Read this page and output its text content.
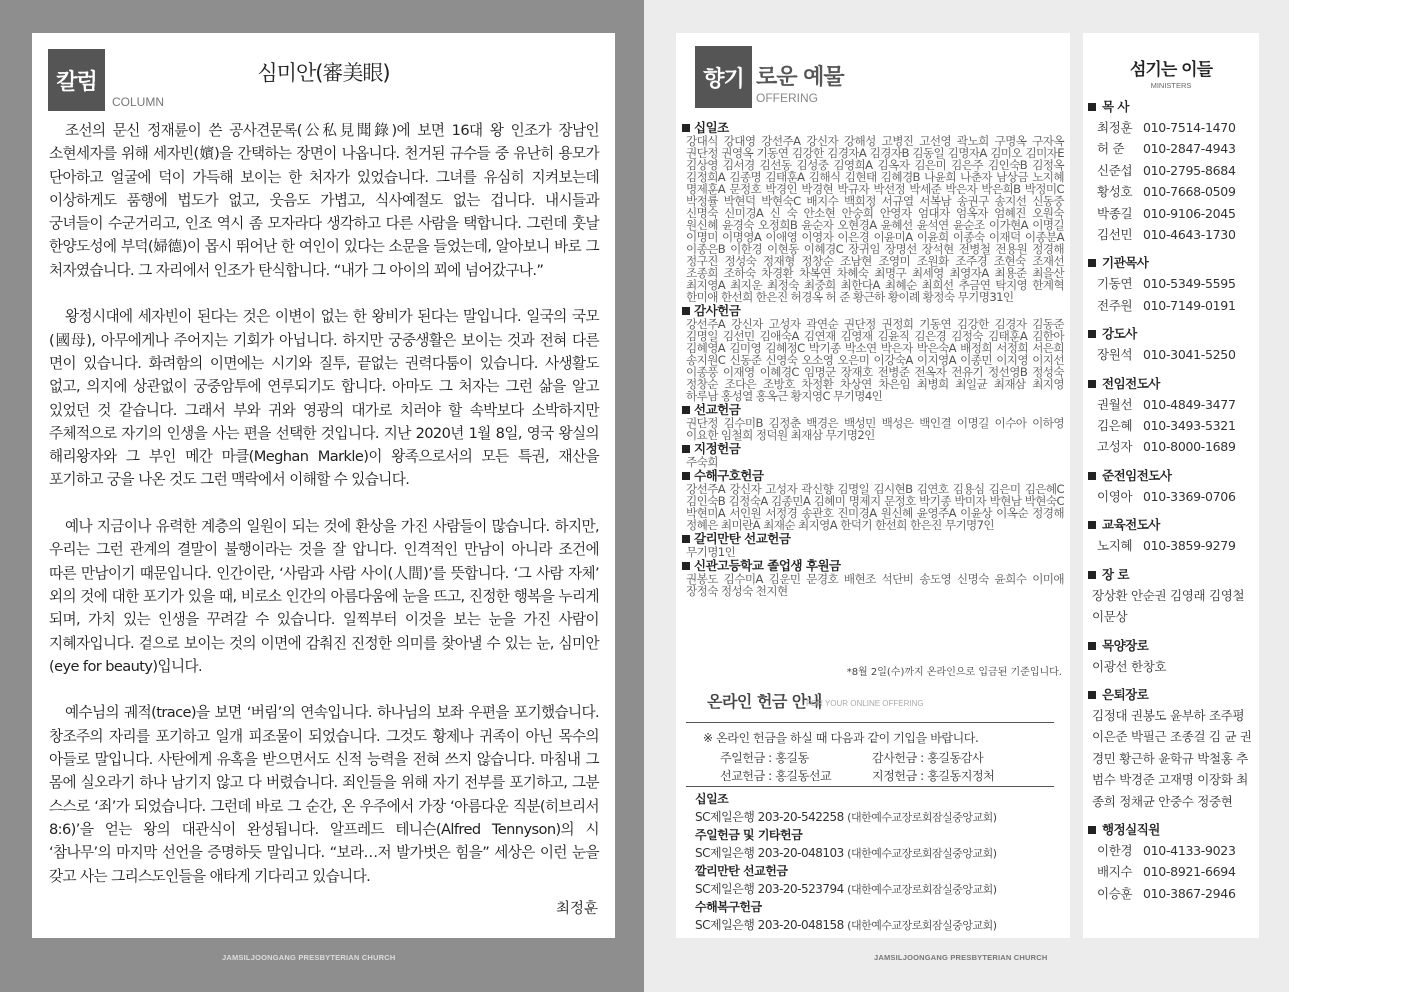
칼럼
COLUMN
심미안(審美眼)

조선의 문신 정재륜이 쓴 공사견문록(公私見聞錄)에 보면 16대 왕 인조가 장남인 소현세자를 위해 세자빈(嬪)을 간택하는 장면이 나옵니다. 천거된 규수들 중 유난히 용모가 단아하고 얼굴에 덕이 가득해 보이는 한 처자가 있었습니다. 그녀를 유심히 지켜보는데 이상하게도 품행에 법도가 없고, 웃음도 가볍고, 식사예절도 없는 겁니다. 내시들과 궁녀들이 수군거리고, 인조 역시 좀 모자라다 생각하고 다른 사람을 택합니다. 그런데 훗날 한양도성에 부덕(婦德)이 몹시 뛰어난 한 여인이 있다는 소문을 들었는데, 알아보니 바로 그 처자였습니다. 그 자리에서 인조가 탄식합니다. “내가 그 아이의 꾀에 넘어갔구나.”

왕정시대에 세자빈이 된다는 것은 이변이 없는 한 왕비가 된다는 말입니다. 일국의 국모(國母), 아무에게나 주어지는 기회가 아닙니다. 하지만 궁중생활은 보이는 것과 전혀 다른 면이 있습니다. 화려함의 이면에는 시기와 질투, 끝없는 권력다툼이 있습니다. 사생활도 없고, 의지에 상관없이 궁중암투에 연루되기도 합니다. 아마도 그 처자는 그런 삶을 알고 있었던 것 같습니다. 그래서 부와 귀와 영광의 대가로 치러야 할 속박보다 소박하지만 주체적으로 자기의 인생을 사는 편을 선택한 것입니다. 지난 2020년 1월 8일, 영국 왕실의 해리왕자와 그 부인 메간 마클(Meghan Markle)이 왕족으로서의 모든 특권, 재산을 포기하고 궁을 나온 것도 그런 맥락에서 이해할 수 있습니다.

예나 지금이나 유력한 계층의 일원이 되는 것에 환상을 가진 사람들이 많습니다. 하지만, 우리는 그런 관계의 결말이 불행이라는 것을 잘 압니다. 인격적인 만남이 아니라 조건에 따른 만남이기 때문입니다. 인간이란, ‘사람과 사람 사이(人間)’를 뜻합니다. ‘그 사람 자체’ 외의 것에 대한 포기가 있을 때, 비로소 인간의 아름다움에 눈을 뜨고, 진정한 행복을 누리게 되며, 가치 있는 인생을 꾸려갈 수 있습니다. 일찍부터 이것을 보는 눈을 가진 사람이 지혜자입니다. 겉으로 보이는 것의 이면에 감춰진 진정한 의미를 찾아낼 수 있는 눈, 심미안(eye for beauty)입니다.

예수님의 궤적(trace)을 보면 ‘버림’의 연속입니다. 하나님의 보좌 우편을 포기했습니다. 창조주의 자리를 포기하고 일개 피조물이 되었습니다. 그것도 황제나 귀족이 아닌 목수의 아들로 말입니다. 사탄에게 유혹을 받으면서도 신적 능력을 전혀 쓰지 않습니다. 마침내 그 몸에 실오라기 하나 남기지 않고 다 버렸습니다. 죄인들을 위해 자기 전부를 포기하고, 그분 스스로 ‘죄’가 되었습니다. 그런데 바로 그 순간, 온 우주에서 가장 ‘아름다운 직분(히브리서 8:6)’을 얻는 왕의 대관식이 완성됩니다. 알프레드 테니슨(Alfred Tennyson)의 시 ‘참나무’의 마지막 선언을 증명하듯 말입니다. “보라…저 발가벗은 힘을” 세상은 이런 눈을 갖고 사는 그리스도인들을 애타게 기다리고 있습니다.

최정훈
JAMSILJOONGANG PRESBYTERIAN CHURCH
향기 로운 예물
OFFERING
십일조
강대식 강대영 강선주A 강신자 강해성 고병진 고선영 곽노희 구명옥 구자옥 권단정 권영옥 기동연 김강한 김경자A 김경자B 김동일 김명자A 김미오 김미자E 김상영 김서경 김선동 김성중 김영희A 김옥자 김은미 김은주 김인숙B 김정옥 김정희A 김종명 김태훈A 김해식 김현태 김혜경B 나윤희 나춘자 남상금 노지혜 명제훈A 문정호 박경인 박경현 박규자 박선정 박세준 박은자 박은희B 박정미C 박정률 박현덕 박현숙C 배지수 백희정 서규열 서복남 송권구 송지선 신동중 신명숙 신미경A 신 숙 안소현 안숭희 안영자 엄대자 엄옥자 엄혜진 오원숙 원신혜 윤경숙 오정희B 윤순자 오현경A 윤혜선 윤석연 윤순조 이가현A 이명길 이명미 이명영A 이애영 이영자 이은경 이윤미A 이윤희 이종숙 이재덕 이종분A 이종은B 이한경 이현동 이혜경C 장귀임 장명선 장석현 전병철 전용원 정경해 정구진 정성숙 정재형 정창순 조남현 조영미 조원화 조주경 조현숙 조재선 조종희 조하숙 차경환 차복연 차혜숙 최명구 최세영 최영자A 최용준 최을산 최지영A 최지운 최정숙 최중희 최한다A 최혜순 최희선 추금연 탁지영 한계혁 한미애 한선희 한은진 허경옥 허 준 황근하 황이례 황정숙 무기명31인
감사헌금
강선주A 강신자 고성자 곽연순 권단정 권정희 기동연 김강한 김경자 김동준 김명일 김선민 김애숙A 김연재 김영재 김윤직 김은경 김정숙 김태훈A 김한아 김혜영A 김미영 김혜정C 박기종 박소연 박은자 박은숙A 배정희 서정희 서은희 송지원C 신동준 신영숙 오소영 오은미 이강숙A 이지영A 이종민 이지영 이지선 이종풍 이재영 이혜경C 임명군 장재호 전병준 전옥자 전유기 정선영B 정성숙 정창순 조다은 조방호 차정환 차상연 차은임 최병희 최일균 최재삼 최지영 하루남 홍성열 홍옥근 황지영C 무기명4인
선교헌금
권단정 김수미B 김정춘 백경은 백성민 백성은 백인결 이명길 이수아 이하영 이요한 임철희 정덕원 최재삼 무기명2인
지정헌금
주숙희
수해구호헌금
강선주A 강신자 고성자 곽신향 김명일 김시현B 김연호 김용심 김은미 김은혜C 김인숙B 김정숙A 김종민A 김혜미 명제지 문정호 박기종 박미자 박현남 박현숙C 박현미A 서인원 서정경 송관호 진미경A 원신혜 윤영주A 이윤상 이옥순 정경해 정혜은 최미란A 최재순 최지영A 한덕기 한선희 한은진 무기명7인
갈리만탄 선교헌금
무기명1인
신관고등학교 졸업생 후원금
권봉도 김수미A 김운민 문경호 배현조 석단비 송도영 신명숙 윤희수 이미애 장정숙 정성숙 천지현
*8월 2일(수)까지 온라인으로 입금된 기준입니다.
온라인 헌금 안내
FOR YOUR ONLINE OFFERING
※ 온라인 헌금을 하실 때 다음과 같이 기입을 바랍니다.
주일헌금 : 홍길동	감사헌금 : 홍길동감사
선교헌금 : 홍길동선교	지정헌금 : 홍길동지정처
십일조
SC제일은행 203-20-542258 (대한예수교장로회잠실중앙교회)
주일헌금 및 기타헌금
SC제일은행 203-20-048103 (대한예수교장로회잠실중앙교회)
깔리만탄 선교헌금
SC제일은행 203-20-523794 (대한예수교장로회잠실중앙교회)
수해복구헌금
SC제일은행 203-20-048158 (대한예수교장로회잠실중앙교회)
섬기는 이들
MINISTERS
목 사
최정훈 010-7514-1470
허 준 010-2847-4943
신준섭 010-2795-8684
황성호 010-7668-0509
박종길 010-9106-2045
김선민 010-4643-1730
기관목사
기동연 010-5349-5595
전주원 010-7149-0191
강도사
장원석 010-3041-5250
전임전도사
권월선 010-4849-3477
김은혜 010-3493-5321
고성자 010-8000-1689
준전임전도사
이영아 010-3369-0706
교육전도사
노지혜 010-3859-9279
장 로
장상환 안순권 김영래 김영철 이문상
목양장로
이광선 한창호
은퇴장로
김정대 권봉도 윤부하 조주평 이은준 박필근 조종걸 김 균 권경민 황근하 윤학규 박철홍 추범수 박경준 고재명 이장화 최종희 정채균 안중수 정중현
행정실직원
이한경 010-4133-9023
배지수 010-8921-6694
이승훈 010-3867-2946
JAMSILJOONGANG PRESBYTERIAN CHURCH
